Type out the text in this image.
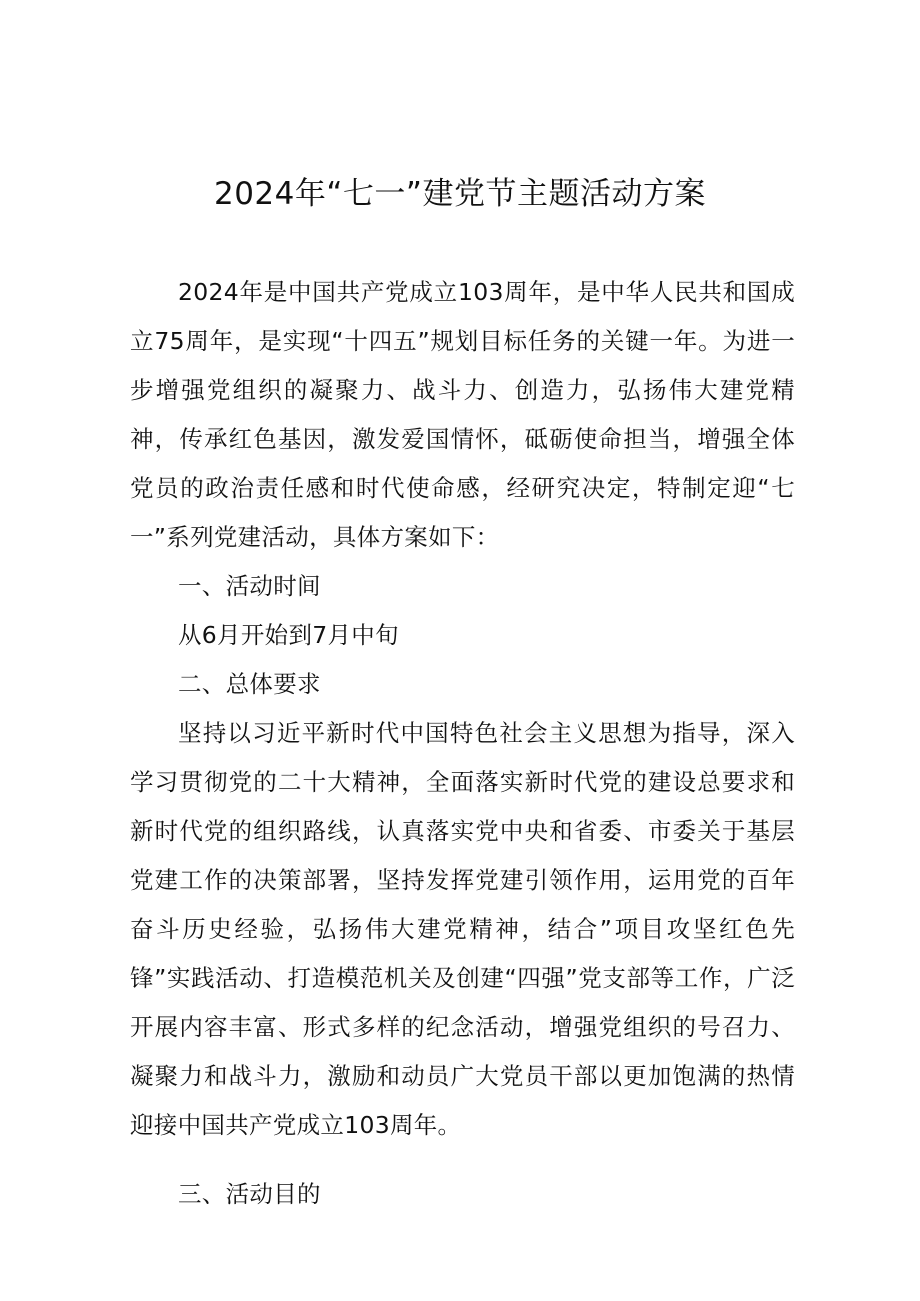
2024年“七一”建党节主题活动方案

2024年是中国共产党成立103周年，是中华人民共和国成立75周年，是实现“十四五”规划目标任务的关键一年。为进一步增强党组织的凝聚力、战斗力、创造力，弘扬伟大建党精神，传承红色基因，激发爱国情怀，砥砺使命担当，增强全体党员的政治责任感和时代使命感，经研究决定，特制定迎“七一”系列党建活动，具体方案如下：

一、活动时间

从6月开始到7月中旬

二、总体要求

坚持以习近平新时代中国特色社会主义思想为指导，深入学习贯彻党的二十大精神，全面落实新时代党的建设总要求和新时代党的组织路线，认真落实党中央和省委、市委关于基层党建工作的决策部署，坚持发挥党建引领作用，运用党的百年奋斗历史经验，弘扬伟大建党精神，结合”项目攻坚红色先锋”实践活动、打造模范机关及创建“四强”党支部等工作，广泛开展内容丰富、形式多样的纪念活动，增强党组织的号召力、凝聚力和战斗力，激励和动员广大党员干部以更加饱满的热情迎接中国共产党成立103周年。

三、活动目的
